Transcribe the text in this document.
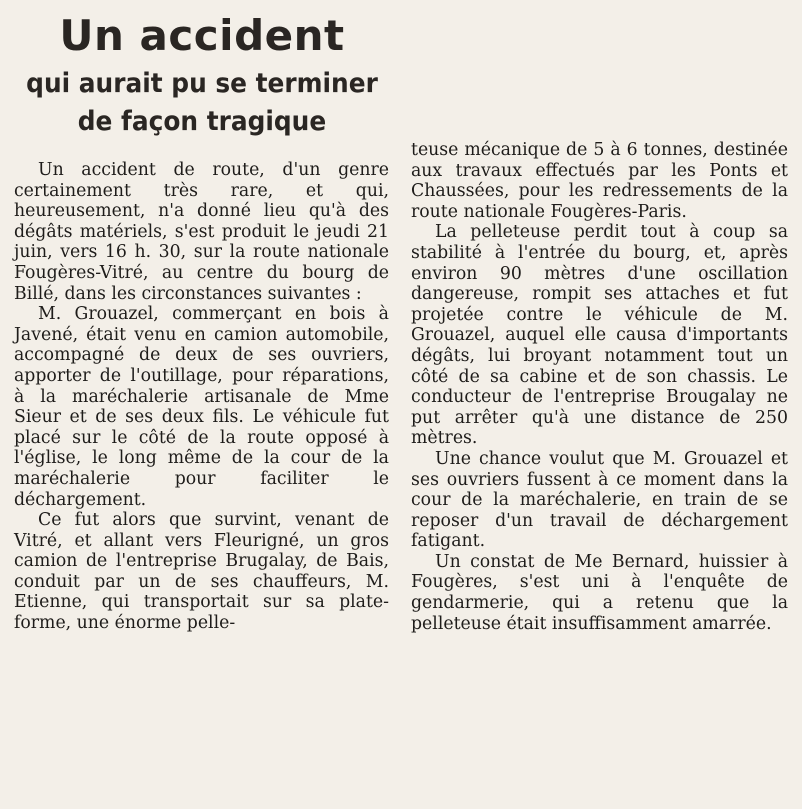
Un accident
qui aurait pu se terminer
de façon tragique

Un accident de route, d'un genre certainement très rare, et qui, heureusement, n'a donné lieu qu'à des dégâts matériels, s'est produit le jeudi 21 juin, vers 16 h. 30, sur la route nationale Fougères-Vitré, au centre du bourg de Billé, dans les circonstances suivantes :

M. Grouazel, commerçant en bois à Javené, était venu en camion automobile, accompagné de deux de ses ouvriers, apporter de l'outillage, pour réparations, à la maréchalerie artisanale de Mme Sieur et de ses deux fils. Le véhicule fut placé sur le côté de la route opposé à l'église, le long même de la cour de la maréchalerie pour faciliter le déchargement.

Ce fut alors que survint, venant de Vitré, et allant vers Fleurigné, un gros camion de l'entreprise Brugalay, de Bais, conduit par un de ses chauffeurs, M. Etienne, qui transportait sur sa plate-forme, une énorme pelle-

teuse mécanique de 5 à 6 tonnes, destinée aux travaux effectués par les Ponts et Chaussées, pour les redressements de la route nationale Fougères-Paris.

La pelleteuse perdit tout à coup sa stabilité à l'entrée du bourg, et, après environ 90 mètres d'une oscillation dangereuse, rompit ses attaches et fut projetée contre le véhicule de M. Grouazel, auquel elle causa d'importants dégâts, lui broyant notamment tout un côté de sa cabine et de son chassis. Le conducteur de l'entreprise Brougalay ne put arrêter qu'à une distance de 250 mètres.

Une chance voulut que M. Grouazel et ses ouvriers fussent à ce moment dans la cour de la maréchalerie, en train de se reposer d'un travail de déchargement fatigant.

Un constat de Me Bernard, huissier à Fougères, s'est uni à l'enquête de gendarmerie, qui a retenu que la pelleteuse était insuffisamment amarrée.
